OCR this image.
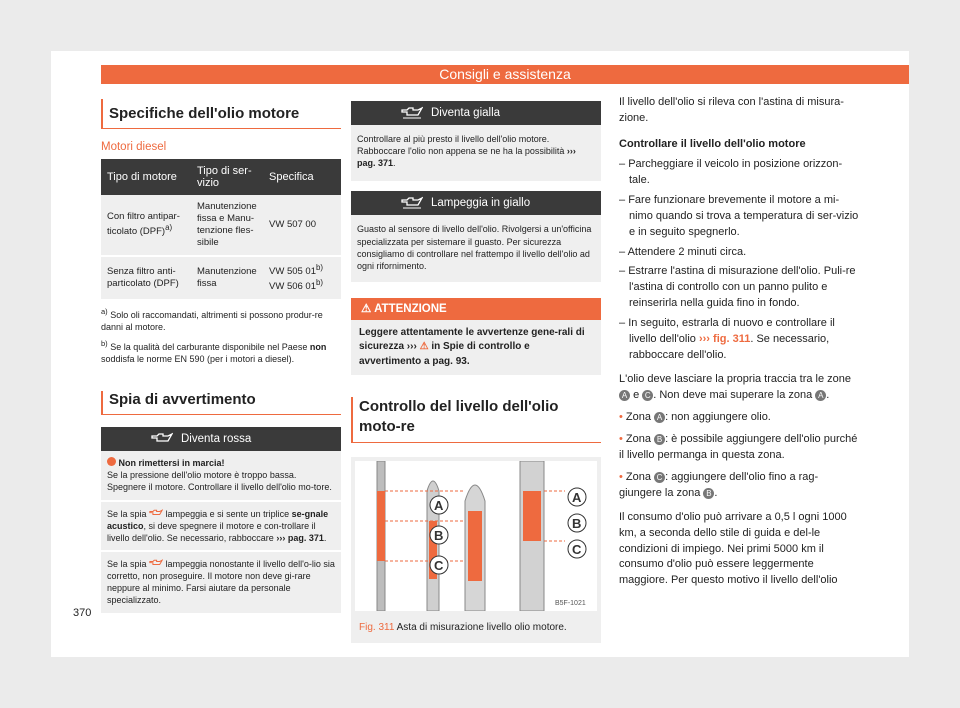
Consigli e assistenza
Specifiche dell'olio motore
Motori diesel
Tipo di motore	Tipo di ser-vizio	Specifica
Con filtro antipar-ticolato (DPF)$^{a)}$	Manutenzione fissa e Manu-tenzione fles-sibile	VW 507 00
Senza filtro anti-particolato (DPF)	Manutenzione fissa	VW 505 01$^{b)}$
VW 506 01$^{b)}$
$^{a)}$ Solo oli raccomandati, altrimenti si possono produr-re danni al motore.
$^{b)}$ Se la qualità del carburante disponibile nel Paese non soddisfa le norme EN 590 (per i motori a diesel).
Spia di avvertimento
Diventa rossa
Non rimettersi in marcia!
Se la pressione dell'olio motore è troppo bassa. Spegnere il motore. Controllare il livello dell'olio mo-tore.
Se la spia lampeggia e si sente un triplice se-gnale acustico, si deve spegnere il motore e con-trollare il livello dell'olio. Se necessario, rabboccare ››› pag. 371.
Se la spia lampeggia nonostante il livello dell'o-lio sia corretto, non proseguire. Il motore non deve gi-rare neppure al minimo. Farsi aiutare da personale specializzato.
370
Diventa gialla
Controllare al più presto il livello dell'olio motore. Rabboccare l'olio non appena se ne ha la possibilità ››› pag. 371.
Lampeggia in giallo
Guasto al sensore di livello dell'olio. Rivolgersi a un'officina specializzata per sistemare il guasto. Per sicurezza consigliamo di controllare nel frattempo il livello dell'olio ad ogni rifornimento.
⚠ ATTENZIONE
Leggere attentamente le avvertenze gene-rali di sicurezza ››› ⚠ in Spie di controllo e avvertimento a pag. 93.
Controllo del livello dell'olio moto-re
A
B
C
A
B
C
B5F-1021
Fig. 311 Asta di misurazione livello olio motore.

Il livello dell'olio si rileva con l'astina di misura-zione.

Controllare il livello dell'olio motore

– Parcheggiare il veicolo in posizione orizzon-tale.
– Fare funzionare brevemente il motore a mi-nimo quando si trova a temperatura di ser-vizio e in seguito spegnerlo.
– Attendere 2 minuti circa.
– Estrarre l'astina di misurazione dell'olio. Puli-re l'astina di controllo con un panno pulito e reinserirla nella guida fino in fondo.
– In seguito, estrarla di nuovo e controllare il livello dell'olio ››› fig. 311. Se necessario, rabboccare dell'olio.

L'olio deve lasciare la propria traccia tra le zone A e C . Non deve mai superare la zona A .

• Zona A : non aggiungere olio.
• Zona B : è possibile aggiungere dell'olio purché il livello permanga in questa zona.
• Zona C : aggiungere dell'olio fino a rag-giungere la zona B .

Il consumo d'olio può arrivare a 0,5 l ogni 1000 km, a seconda dello stile di guida e del-le condizioni di impiego. Nei primi 5000 km il consumo d'olio può essere leggermente maggiore. Per questo motivo il livello dell'olio
